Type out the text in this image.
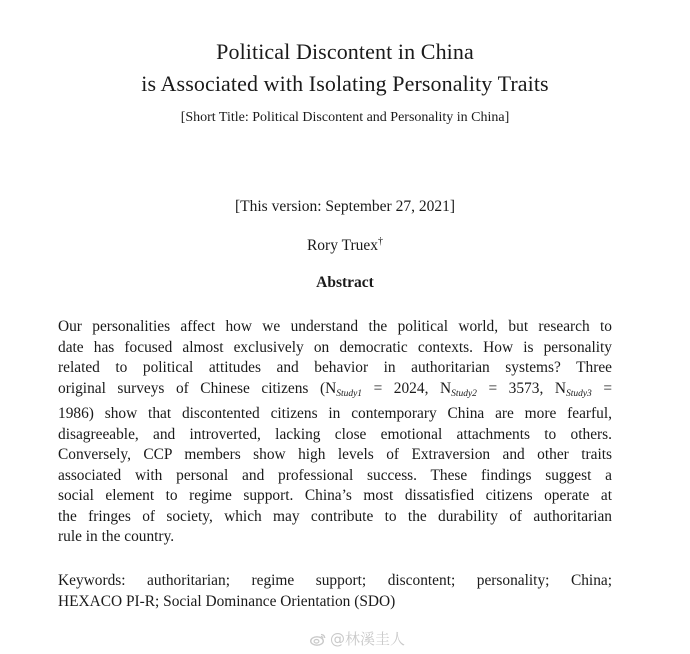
Political Discontent in China
is Associated with Isolating Personality Traits
[Short Title: Political Discontent and Personality in China]
[This version: September 27, 2021]
Rory Truex†
Abstract
Our personalities affect how we understand the political world, but research to
date has focused almost exclusively on democratic contexts. How is personality
related to political attitudes and behavior in authoritarian systems? Three
original surveys of Chinese citizens ($N_{Study1} = 2024$, $N_{Study2} = 3573$, $N_{Study3}$ =
1986) show that discontented citizens in contemporary China are more fearful,
disagreeable, and introverted, lacking close emotional attachments to others.
Conversely, CCP members show high levels of Extraversion and other traits
associated with personal and professional success. These findings suggest a
social element to regime support. China’s most dissatisfied citizens operate at
the fringes of society, which may contribute to the durability of authoritarian
rule in the country.
Keywords: authoritarian; regime support; discontent; personality; China;
HEXACO PI-R; Social Dominance Orientation (SDO)
@林溪圭人
